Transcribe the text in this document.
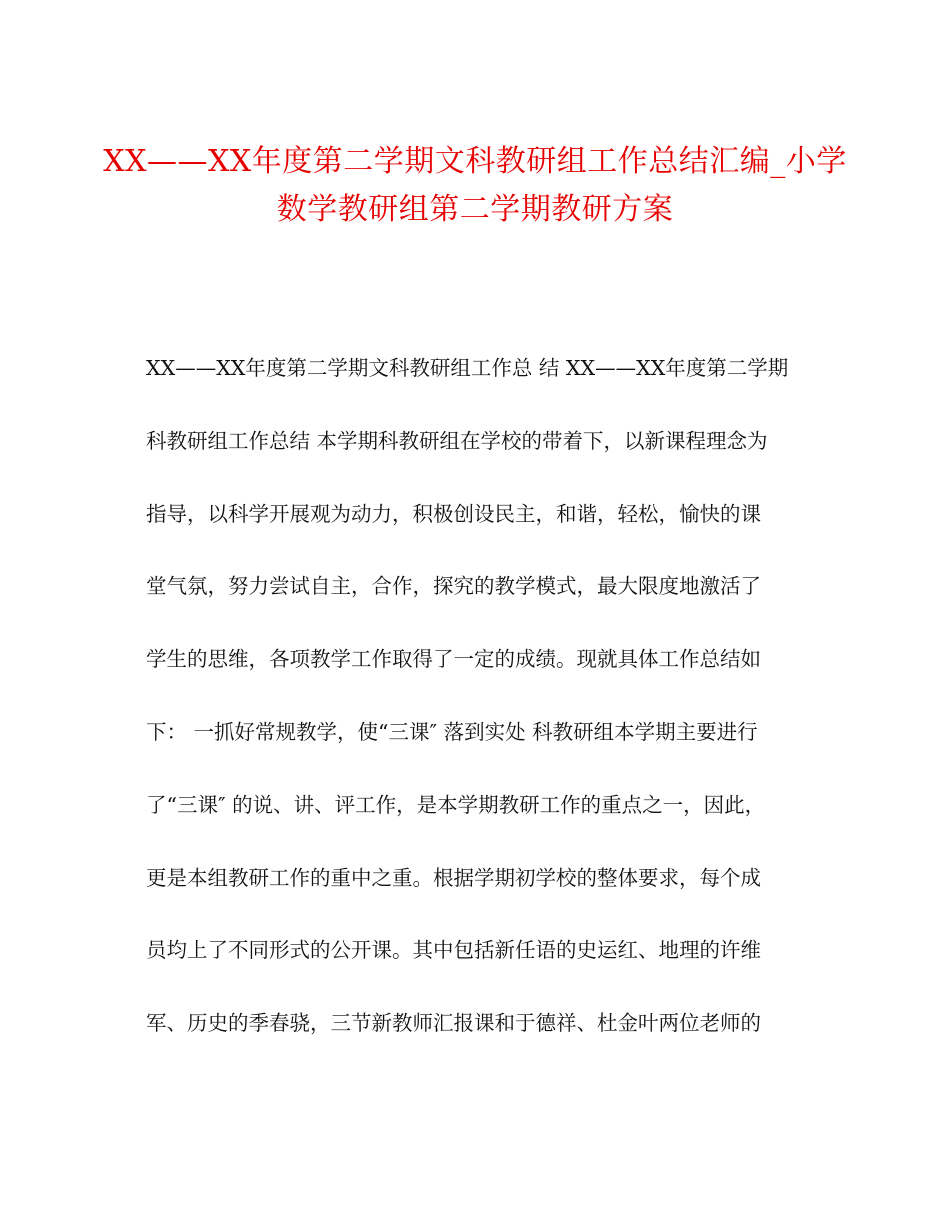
XX——XX年度第二学期文科教研组工作总结汇编_小学
数学教研组第二学期教研方案
XX——XX年度第二学期文科教研组工作总 结 XX——XX年度第二学期
科教研组工作总结 本学期科教研组在学校的带着下，以新课程理念为
指导，以科学开展观为动力，积极创设民主，和谐，轻松，愉快的课
堂气氛，努力尝试自主，合作，探究的教学模式，最大限度地激活了
学生的思维，各项教学工作取得了一定的成绩。现就具体工作总结如
下： 一抓好常规教学，使“三课″ 落到实处 科教研组本学期主要进行
了“三课″ 的说、讲、评工作，是本学期教研工作的重点之一，因此，
更是本组教研工作的重中之重。根据学期初学校的整体要求，每个成
员均上了不同形式的公开课。其中包括新任语的史运红、地理的许维
军、历史的季春骁，三节新教师汇报课和于德祥、杜金叶两位老师的
